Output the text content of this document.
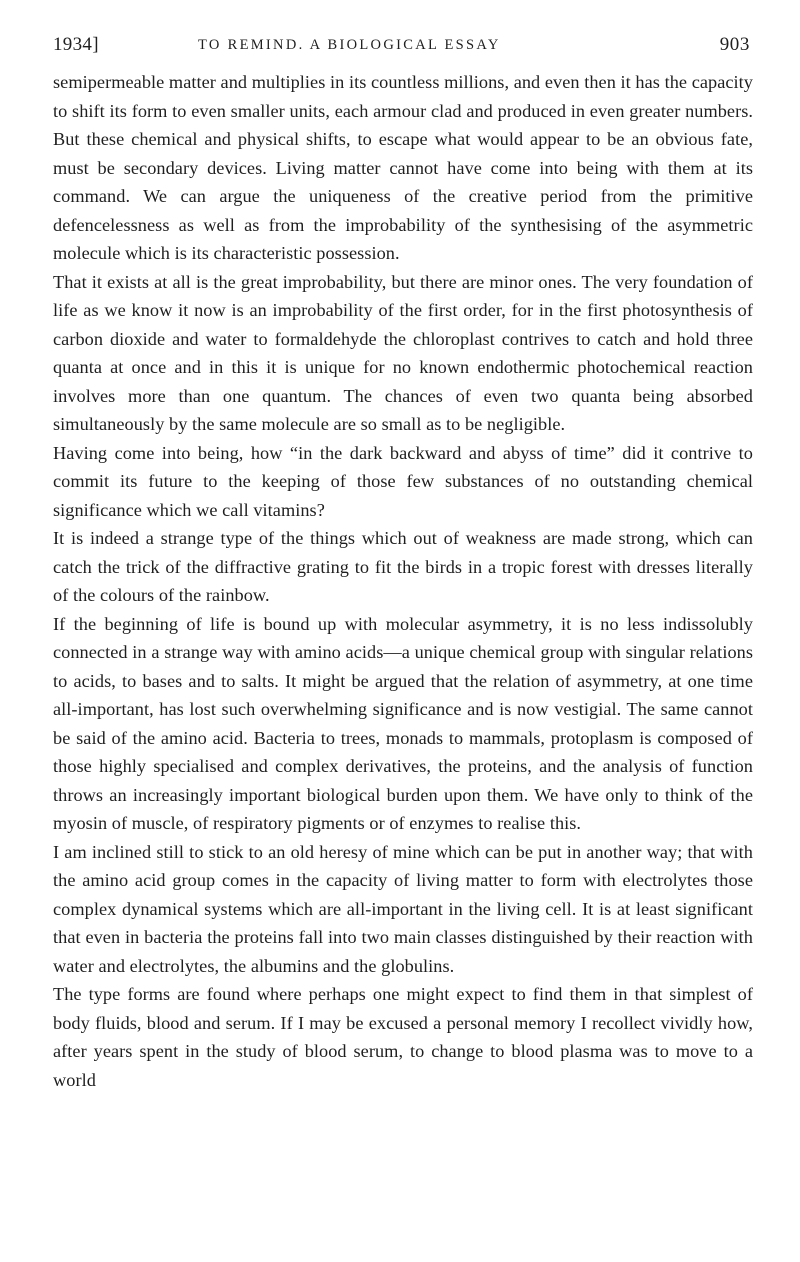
1934]	TO REMIND. A BIOLOGICAL ESSAY	903

semipermeable matter and multiplies in its countless millions, and even then it has the capacity to shift its form to even smaller units, each armour clad and produced in even greater numbers. But these chemical and physical shifts, to escape what would appear to be an obvious fate, must be secondary devices. Living matter cannot have come into being with them at its command. We can argue the uniqueness of the creative period from the primitive defencelessness as well as from the improbability of the synthesising of the asymmetric molecule which is its characteristic possession.

That it exists at all is the great improbability, but there are minor ones. The very foundation of life as we know it now is an improbability of the first order, for in the first photosynthesis of carbon dioxide and water to formaldehyde the chloroplast contrives to catch and hold three quanta at once and in this it is unique for no known endothermic photochemical reaction involves more than one quantum. The chances of even two quanta being absorbed simultaneously by the same molecule are so small as to be negligible.

Having come into being, how “in the dark backward and abyss of time” did it contrive to commit its future to the keeping of those few substances of no outstanding chemical significance which we call vitamins?

It is indeed a strange type of the things which out of weakness are made strong, which can catch the trick of the diffractive grating to fit the birds in a tropic forest with dresses literally of the colours of the rainbow.

If the beginning of life is bound up with molecular asymmetry, it is no less indissolubly connected in a strange way with amino acids—a unique chemical group with singular relations to acids, to bases and to salts. It might be argued that the relation of asymmetry, at one time all-important, has lost such overwhelming significance and is now vestigial. The same cannot be said of the amino acid. Bacteria to trees, monads to mammals, protoplasm is composed of those highly specialised and complex derivatives, the proteins, and the analysis of function throws an increasingly important biological burden upon them. We have only to think of the myosin of muscle, of respiratory pigments or of enzymes to realise this.

I am inclined still to stick to an old heresy of mine which can be put in another way; that with the amino acid group comes in the capacity of living matter to form with electrolytes those complex dynamical systems which are all-important in the living cell. It is at least significant that even in bacteria the proteins fall into two main classes distinguished by their reaction with water and electrolytes, the albumins and the globulins.

The type forms are found where perhaps one might expect to find them in that simplest of body fluids, blood and serum. If I may be excused a personal memory I recollect vividly how, after years spent in the study of blood serum, to change to blood plasma was to move to a world
